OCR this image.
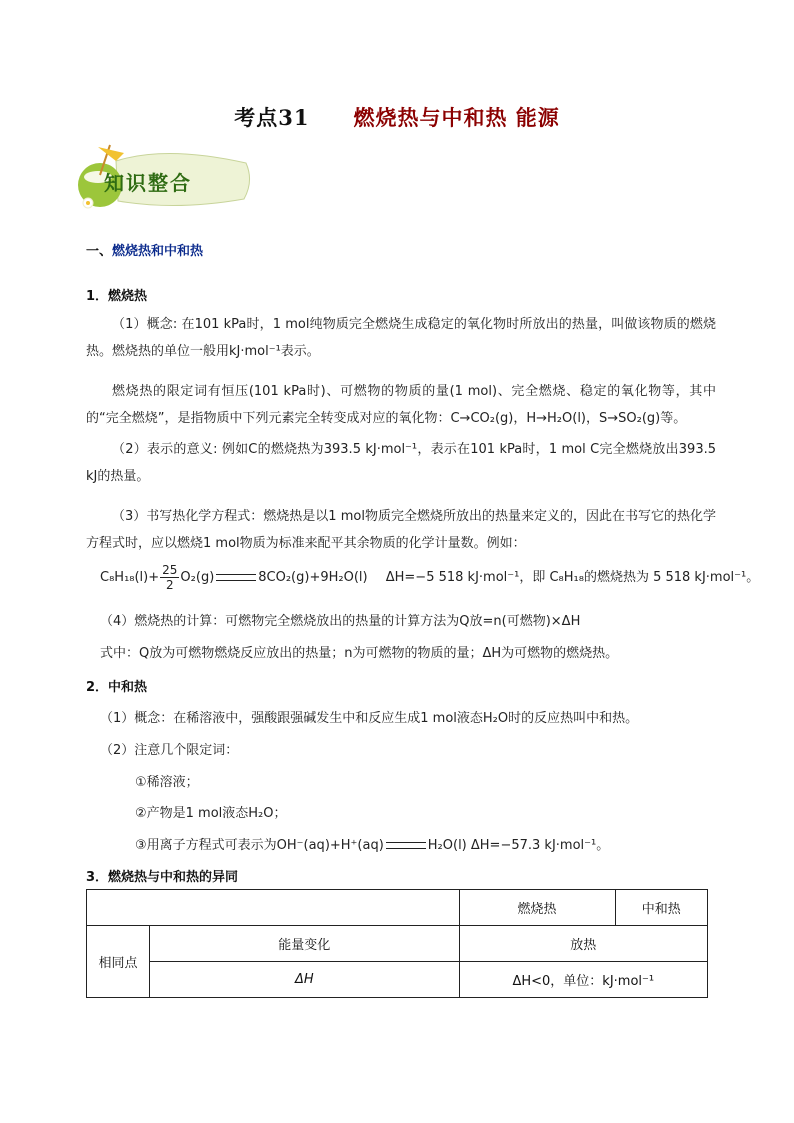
考点31 燃烧热与中和热 能源
知识整合
一、燃烧热和中和热
1．燃烧热
（1）概念: 在101 kPa时，1 mol纯物质完全燃烧生成稳定的氧化物时所放出的热量，叫做该物质的燃烧热。燃烧热的单位一般用kJ·mol⁻¹表示。
燃烧热的限定词有恒压(101 kPa时)、可燃物的物质的量(1 mol)、完全燃烧、稳定的氧化物等，其中的“完全燃烧”，是指物质中下列元素完全转变成对应的氧化物：C→CO₂(g)，H→H₂O(l)，S→SO₂(g)等。
（2）表示的意义: 例如C的燃烧热为393.5 kJ·mol⁻¹，表示在101 kPa时，1 mol C完全燃烧放出393.5 kJ的热量。
（3）书写热化学方程式：燃烧热是以1 mol物质完全燃烧所放出的热量来定义的，因此在书写它的热化学方程式时，应以燃烧1 mol物质为标准来配平其余物质的化学计量数。例如：
$C_8H_{18}(l)+ \frac{25}{2} O_2(g)$	8CO₂(g)+9H₂O(l) ΔH=−5 518 kJ·mol⁻¹，即 C₈H₁₈的燃烧热为 5 518 kJ·mol⁻¹。
（4）燃烧热的计算：可燃物完全燃烧放出的热量的计算方法为Q放=n(可燃物)×ΔH
式中：Q放为可燃物燃烧反应放出的热量；n为可燃物的物质的量；ΔH为可燃物的燃烧热。
2．中和热
（1）概念：在稀溶液中，强酸跟强碱发生中和反应生成1 mol液态H₂O时的反应热叫中和热。
（2）注意几个限定词：
①稀溶液；
②产物是1 mol液态H₂O；
③用离子方程式可表示为OH⁻(aq)+H⁺(aq)	H₂O(l) ΔH=−57.3 kJ·mol⁻¹。
3．燃烧热与中和热的异同
		燃烧热	中和热
相同点	能量变化	放热	
	ΔH	ΔH<0，单位：kJ·mol⁻¹	
